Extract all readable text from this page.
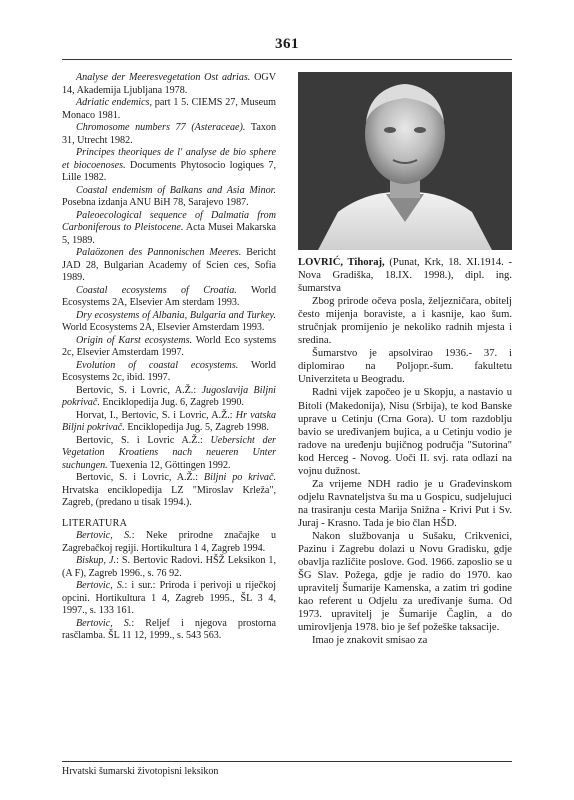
361

Analyse der Meeresvegetation Ost adrias. OGV 14, Akademija Ljubljana 1978.

Adriatic endemics, part 1 5. CIEMS 27, Museum Monaco 1981.

Chromosome numbers 77 (Asteraceae). Taxon 31, Utrecht 1982.

Principes theoriques de l' analyse de bio sphere et biocoenoses. Documents Phytosocio logiques 7, Lille 1982.

Coastal endemism of Balkans and Asia Minor. Posebna izdanja ANU BiH 78, Sarajevo 1987.

Paleoecological sequence of Dalmatia from Carboniferous to Pleistocene. Acta Musei Makarska 5, 1989.

Palaözonen des Pannonischen Meeres. Bericht JAD 28, Bulgarian Academy of Scien ces, Sofia 1989.

Coastal ecosystems of Croatia. World Ecosystems 2A, Elsevier Am sterdam 1993.

Dry ecosystems of Albania, Bulgaria and Turkey. World Ecosystems 2A, Elsevier Amsterdam 1993.

Origin of Karst ecosystems. World Eco systems 2c, Elsevier Amsterdam 1997.

Evolution of coastal ecosystems. World Ecosystems 2c, ibid. 1997.

Bertovic, S. i Lovric, A.Ž.: Jugoslavija Biljni pokrivač. Enciklopedija Jug. 6, Zagreb 1990.

Horvat, I., Bertovic, S. i Lovric, A.Ž.: Hr vatska Biljni pokrivač. Enciklopedija Jug. 5, Zagreb 1998.

Bertovic, S. i Lovric A.Ž.: Uebersicht der Vegetation Kroatiens nach neueren Unter suchungen. Tuexenia 12, Göttingen 1992.

Bertovic, S. i Lovric, A.Ž.: Biljni po krivač. Hrvatska enciklopedija LZ "Miroslav Krleža", Zagreb, (predano u tisak 1994.).

LITERATURA

Bertovic, S.: Neke prirodne značajke u Zagrebačkoj regiji. Hortikultura 1 4, Zagreb 1994.

Biskup, J.: S. Bertovic Radovi. HŠŽ Leksikon 1, (A F), Zagreb 1996., s. 76 92.

Bertovic, S.: i sur.: Priroda i perivoji u riječkoj opcini. Hortikultura 1 4, Zagreb 1995., ŠL 3 4, 1997., s. 133 161.

Bertovic, S.: Reljef i njegova prostorna rasčlamba. ŠL 11 12, 1999., s. 543 563.

LOVRIĆ, Tihoraj, (Punat, Krk, 18. XI.1914. - Nova Gradiška, 18.IX. 1998.), dipl. ing. šumarstva

Zbog prirode očeva posla, željezničara, obitelj često mijenja boraviste, a i kasnije, kao šum. stručnjak promijenio je nekoliko radnih mjesta i sredina.

Šumarstvo je apsolvirao 1936.- 37. i diplomirao na Poljopr.-šum. fakultetu Univerziteta u Beogradu.

Radni vijek započeo je u Skopju, a nastavio u Bitoli (Makedonija), Nisu (Srbija), te kod Banske uprave u Cetinju (Crna Gora). U tom razdoblju bavio se uređivanjem bujica, a u Cetinju vodio je radove na uređenju bujičnog područja "Sutorina" kod Herceg - Novog. Uoči II. svj. rata odlazi na vojnu dužnost.

Za vrijeme NDH radio je u Građevinskom odjelu Ravnateljstva šu ma u Gospicu, sudjelujuci na trasiranju cesta Marija Snižna - Krivi Put i Sv. Juraj - Krasno. Tada je bio član HŠD.

Nakon službovanja u Sušaku, Crikvenici, Pazinu i Zagrebu dolazi u Novu Gradisku, gdje obavlja različite poslove. God. 1966. zaposlio se u ŠG Slav. Požega, gdje je radio do 1970. kao upravitelj Šumarije Kamenska, a zatim tri godine kao referent u Odjelu za uređivanje šuma. Od 1973. upravitelj je Šumarije Čaglin, a do umirovljenja 1978. bio je šef požeške taksacije.

Imao je znakovit smisao za

Hrvatski šumarski životopisni leksikon
